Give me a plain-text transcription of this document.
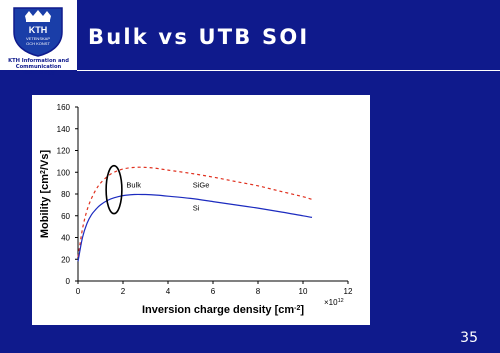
KTH
VETENSKAP
OCH KONST
KTH Information and
Communication Technology
Bulk vs UTB SOI
0
20
40
60
80
100
120
140
160
0	2	4	6	8	10	12
Bulk	SiGe
Si
Mobility $[cm^2/Vs]$
Inversion charge density $[cm^{-2}]$
$\times 10^{12}$
35
